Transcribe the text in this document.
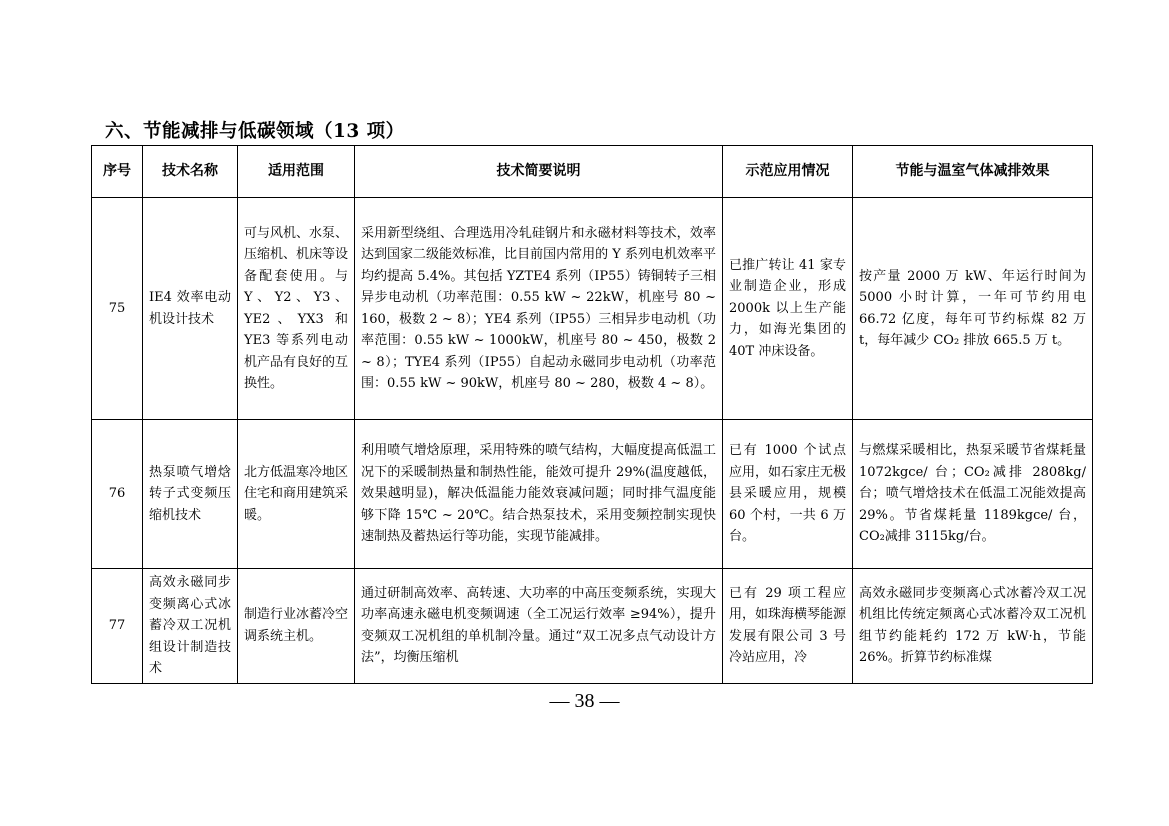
六、节能减排与低碳领域（13 项）
序号	技术名称	适用范围	技术简要说明	示范应用情况	节能与温室气体减排效果
75	IE4 效率电动机设计技术	可与风机、水泵、压缩机、机床等设备配套使用。与 Y、Y2、Y3、YE2、YX3 和 YE3 等系列电动机产品有良好的互换性。	采用新型绕组、合理选用冷轧硅钢片和永磁材料等技术，效率达到国家二级能效标准，比目前国内常用的 Y 系列电机效率平均约提高 5.4%。其包括 YZTE4 系列（IP55）铸铜转子三相异步电动机（功率范围：0.55 kW ~ 22kW，机座号 80 ~ 160，极数 2 ~ 8）；YE4 系列（IP55）三相异步电动机（功率范围：0.55 kW ~ 1000kW，机座号 80 ~ 450，极数 2 ~ 8）；TYE4 系列（IP55）自起动永磁同步电动机（功率范围：0.55 kW ~ 90kW，机座号 80 ~ 280，极数 4 ~ 8）。	已推广转让 41 家专业制造企业，形成 2000k 以上生产能力，如海光集团的 40T 冲床设备。	按产量 2000 万 kW、年运行时间为 5000 小时计算，一年可节约用电 66.72 亿度，每年可节约标煤 82 万 t，每年减少 CO₂ 排放 665.5 万 t。
76	热泵喷气增焓转子式变频压缩机技术	北方低温寒冷地区住宅和商用建筑采暖。	利用喷气增焓原理，采用特殊的喷气结构，大幅度提高低温工况下的采暖制热量和制热性能，能效可提升 29%(温度越低，效果越明显)，解决低温能力能效衰减问题；同时排气温度能够下降 15℃ ~ 20℃。结合热泵技术，采用变频控制实现快速制热及蓄热运行等功能，实现节能减排。	已有 1000 个试点应用，如石家庄无极县采暖应用，规模 60 个村，一共 6 万台。	与燃煤采暖相比，热泵采暖节省煤耗量 1072kgce/ 台；CO₂减排 2808kg/台；喷气增焓技术在低温工况能效提高 29%。节省煤耗量 1189kgce/ 台，CO₂减排 3115kg/台。
77	高效永磁同步变频离心式冰蓄冷双工况机组设计制造技术	制造行业冰蓄冷空调系统主机。	通过研制高效率、高转速、大功率的中高压变频系统，实现大功率高速永磁电机变频调速（全工况运行效率 ≥94%），提升变频双工况机组的单机制冷量。通过“双工况多点气动设计方法”，均衡压缩机	已有 29 项工程应用，如珠海横琴能源发展有限公司 3 号冷站应用，冷	高效永磁同步变频离心式冰蓄冷双工况机组比传统定频离心式冰蓄冷双工况机组节约能耗约 172 万 kW·h，节能 26%。折算节约标准煤
— 38 —
